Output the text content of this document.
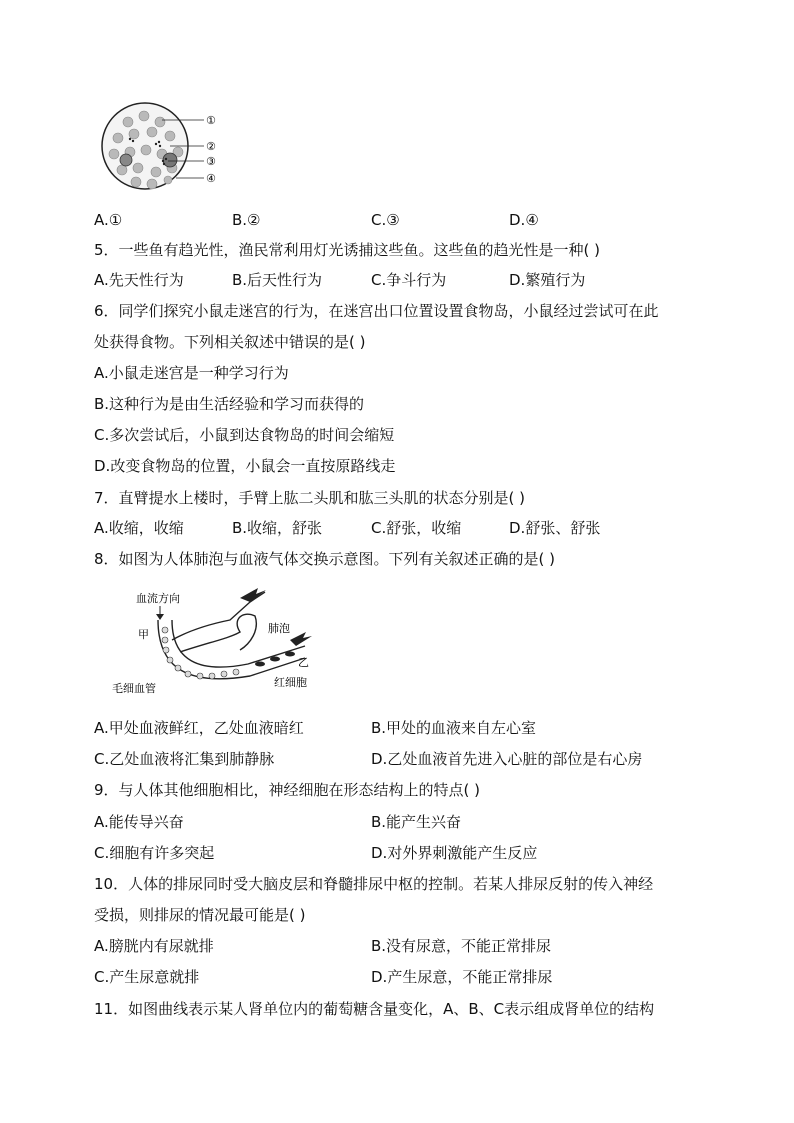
①
②
③
④
A.①	B.②	C.③	D.④
5．一些鱼有趋光性，渔民常利用灯光诱捕这些鱼。这些鱼的趋光性是一种( )
A.先天性行为	B.后天性行为	C.争斗行为	D.繁殖行为
6．同学们探究小鼠走迷宫的行为，在迷宫出口位置设置食物岛，小鼠经过尝试可在此
处获得食物。下列相关叙述中错误的是( )
A.小鼠走迷宫是一种学习行为
B.这种行为是由生活经验和学习而获得的
C.多次尝试后，小鼠到达食物岛的时间会缩短
D.改变食物岛的位置，小鼠会一直按原路线走
7．直臂提水上楼时，手臂上肱二头肌和肱三头肌的状态分别是( )
A.收缩，收缩	B.收缩，舒张	C.舒张，收缩	D.舒张、舒张
8．如图为人体肺泡与血液气体交换示意图。下列有关叙述正确的是( )
血流方向
甲	肺泡
乙
毛细血管	红细胞
A.甲处血液鲜红，乙处血液暗红	B.甲处的血液来自左心室
C.乙处血液将汇集到肺静脉	D.乙处血液首先进入心脏的部位是右心房
9．与人体其他细胞相比，神经细胞在形态结构上的特点( )
A.能传导兴奋	B.能产生兴奋
C.细胞有许多突起	D.对外界刺激能产生反应
10．人体的排尿同时受大脑皮层和脊髓排尿中枢的控制。若某人排尿反射的传入神经
受损，则排尿的情况最可能是( )
A.膀胱内有尿就排	B.没有尿意，不能正常排尿
C.产生尿意就排	D.产生尿意，不能正常排尿
11．如图曲线表示某人肾单位内的葡萄糖含量变化，A、B、C表示组成肾单位的结构
